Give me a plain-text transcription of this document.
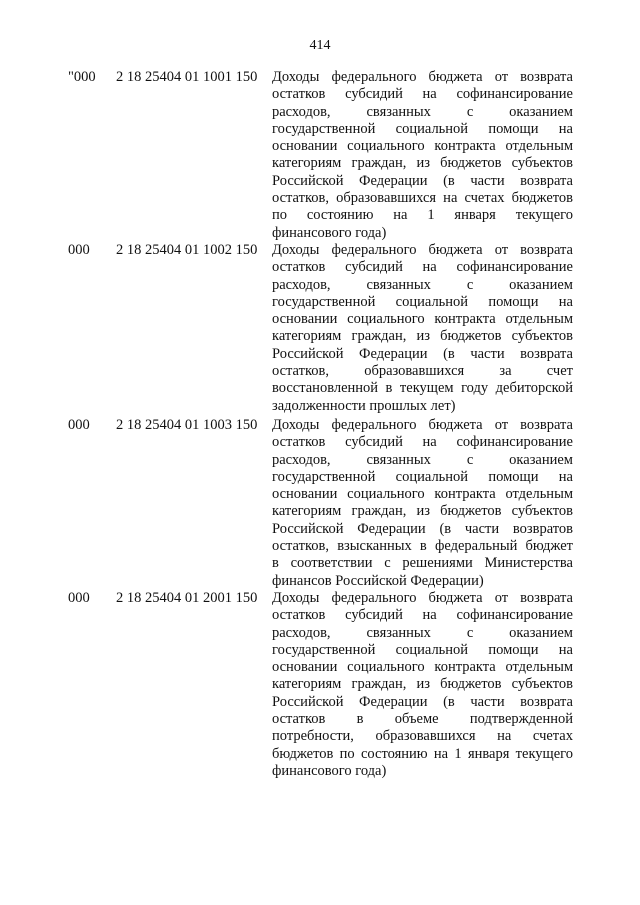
414
"000 2 18 25404 01 1001 150 Доходы федерального бюджета от возврата
остатков субсидий на софинансирование
расходов, связанных с оказанием
государственной социальной помощи на
основании социального контракта отдельным
категориям граждан, из бюджетов субъектов
Российской Федерации (в части возврата
остатков, образовавшихся на счетах бюджетов
по состоянию на 1 января текущего
финансового года)
000 2 18 25404 01 1002 150 Доходы федерального бюджета от возврата
остатков субсидий на софинансирование
расходов, связанных с оказанием
государственной социальной помощи на
основании социального контракта отдельным
категориям граждан, из бюджетов субъектов
Российской Федерации (в части возврата
остатков, образовавшихся за счет
восстановленной в текущем году дебиторской
задолженности прошлых лет)
000 2 18 25404 01 1003 150 Доходы федерального бюджета от возврата
остатков субсидий на софинансирование
расходов, связанных с оказанием
государственной социальной помощи на
основании социального контракта отдельным
категориям граждан, из бюджетов субъектов
Российской Федерации (в части возвратов
остатков, взысканных в федеральный бюджет
в соответствии с решениями Министерства
финансов Российской Федерации)
000 2 18 25404 01 2001 150 Доходы федерального бюджета от возврата
остатков субсидий на софинансирование
расходов, связанных с оказанием
государственной социальной помощи на
основании социального контракта отдельным
категориям граждан, из бюджетов субъектов
Российской Федерации (в части возврата
остатков в объеме подтвержденной
потребности, образовавшихся на счетах
бюджетов по состоянию на 1 января текущего
финансового года)
